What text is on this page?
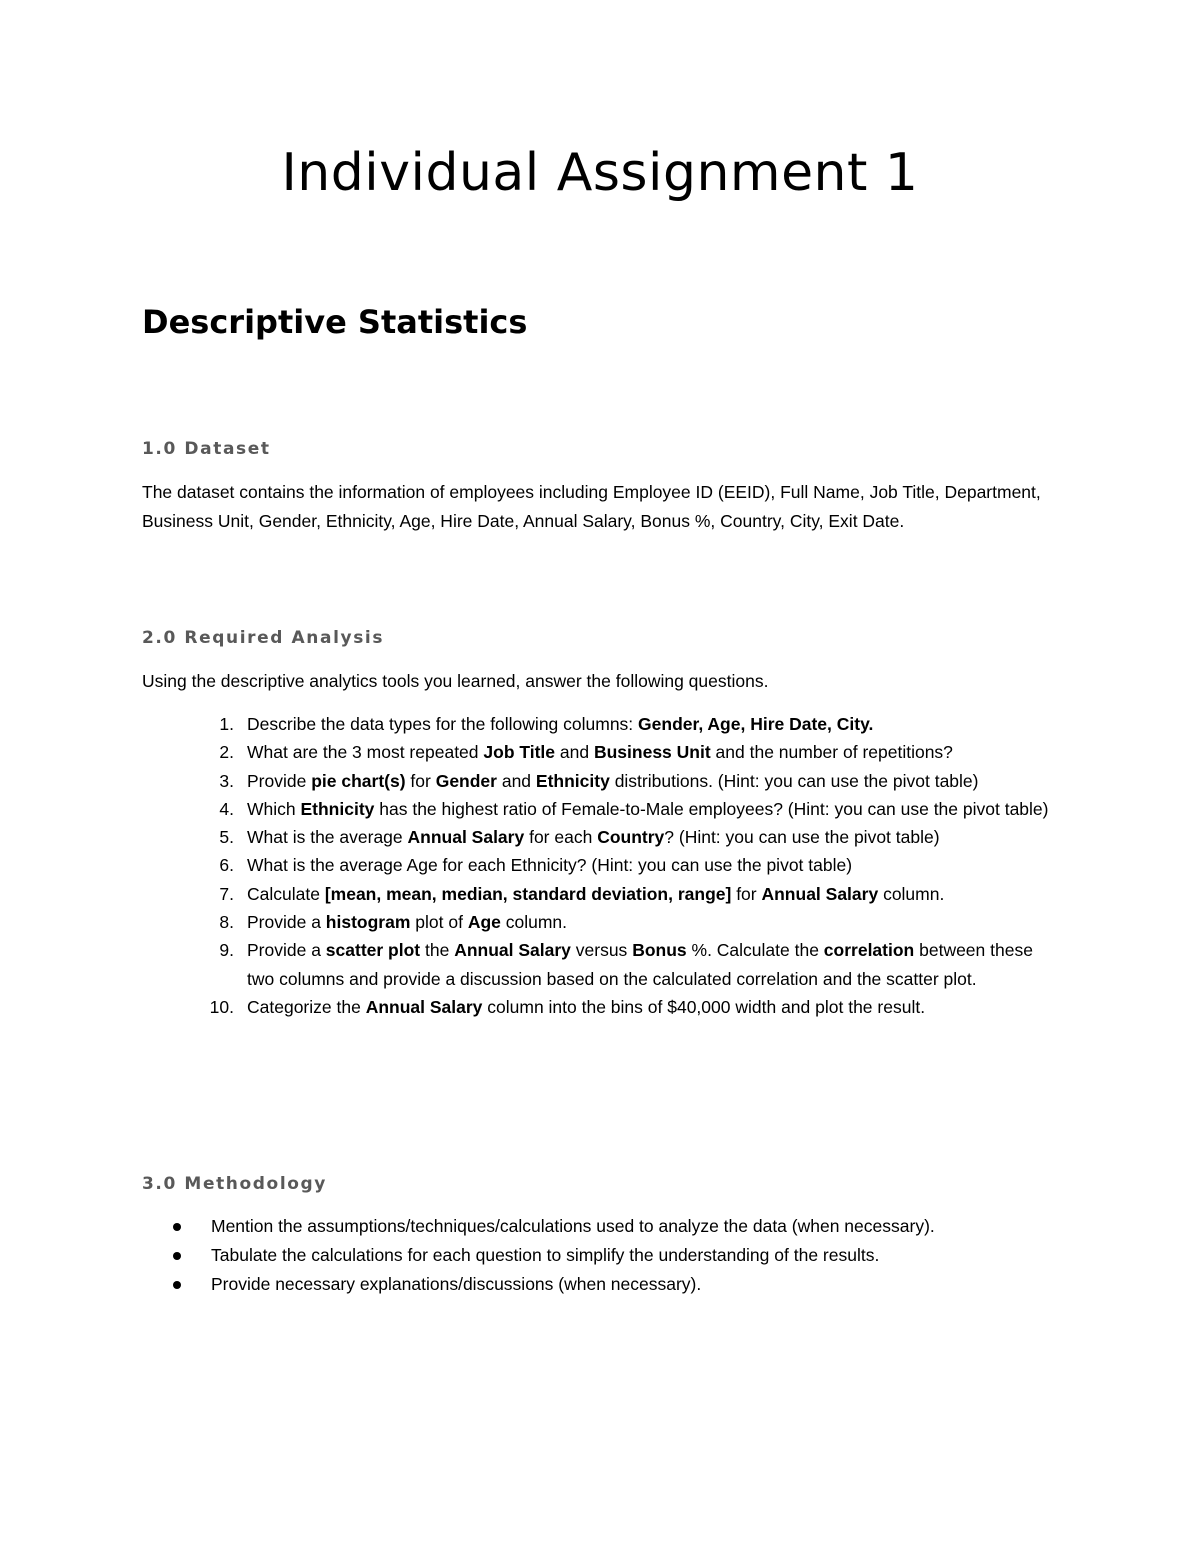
Individual Assignment 1
Descriptive Statistics
1.0 Dataset

The dataset contains the information of employees including Employee ID (EEID), Full Name, Job Title, Department, Business Unit, Gender, Ethnicity, Age, Hire Date, Annual Salary, Bonus %, Country, City, Exit Date.

2.0 Required Analysis

Using the descriptive analytics tools you learned, answer the following questions.

1. Describe the data types for the following columns: Gender, Age, Hire Date, City.
2. What are the 3 most repeated Job Title and Business Unit and the number of repetitions?
3. Provide pie chart(s) for Gender and Ethnicity distributions. (Hint: you can use the pivot table)
4. Which Ethnicity has the highest ratio of Female-to-Male employees? (Hint: you can use the pivot table)
5. What is the average Annual Salary for each Country? (Hint: you can use the pivot table)
6. What is the average Age for each Ethnicity? (Hint: you can use the pivot table)
7. Calculate [mean, mean, median, standard deviation, range] for Annual Salary column.
8. Provide a histogram plot of Age column.
9. Provide a scatter plot the Annual Salary versus Bonus %. Calculate the correlation between these two columns and provide a discussion based on the calculated correlation and the scatter plot.
10. Categorize the Annual Salary column into the bins of $40,000 width and plot the result.
3.0 Methodology
Mention the assumptions/techniques/calculations used to analyze the data (when necessary).
Tabulate the calculations for each question to simplify the understanding of the results.
Provide necessary explanations/discussions (when necessary).
